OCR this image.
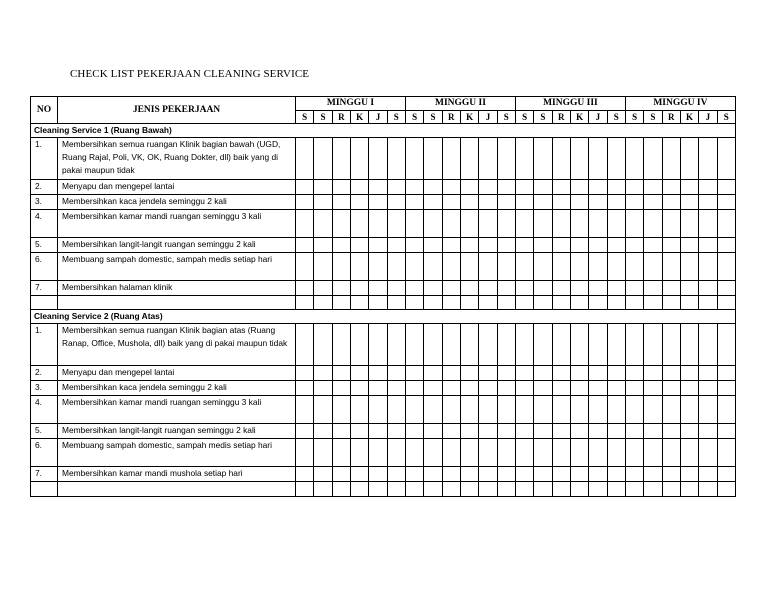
CHECK LIST PEKERJAAN CLEANING SERVICE
NO	JENIS PEKERJAAN	MINGGU I						MINGGU II						MINGGU III						MINGGU IV					
		S	S	R	K	J	S	S	S	R	K	J	S	S	S	R	K	J	S	S	S	R	K	J	S
Cleaning Service 1 (Ruang Bawah)																									
1.	Membersihkan semua ruangan Klinik bagian bawah (UGD, Ruang Rajal, Poli, VK, OK, Ruang Dokter, dll) baik yang di pakai maupun tidak																								
2.	Menyapu dan mengepel lantai																								
3.	Membersihkan kaca jendela seminggu 2 kali																								
4.	Membersihkan kamar mandi ruangan seminggu 3 kali																								
5.	Membersihkan langit-langit ruangan seminggu 2 kali																								
6.	Membuang sampah domestic, sampah medis setiap hari																								
7.	Membersihkan halaman klinik																								

Cleaning Service 2 (Ruang Atas)																									
1.	Membersihkan semua ruangan Klinik bagian atas (Ruang Ranap, Office, Mushola, dll) baik yang di pakai maupun tidak																								
2.	Menyapu dan mengepel lantai																								
3.	Membersihkan kaca jendela seminggu 2 kali																								
4.	Membersihkan kamar mandi ruangan seminggu 3 kali																								
5.	Membersihkan langit-langit ruangan seminggu 2 kali																								
6.	Membuang sampah domestic, sampah medis setiap hari																								
7.	Membersihkan kamar mandi mushola setiap hari																								
